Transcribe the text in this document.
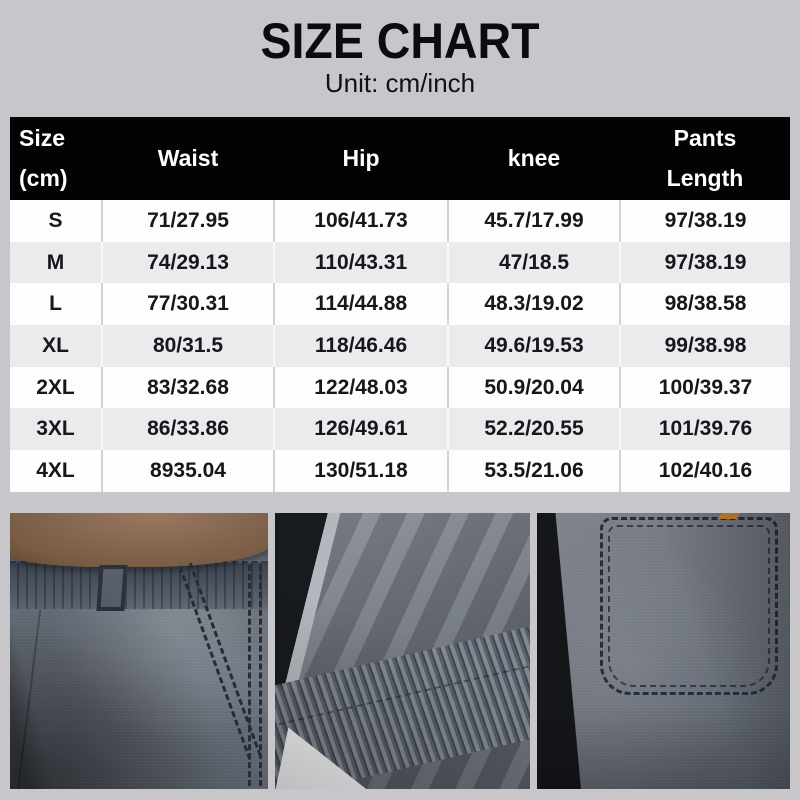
SIZE CHART

Unit: cm/inch

Size
(cm)	Waist	Hip	knee	Pants
Length

S	71/27.95	106/41.73	45.7/17.99	97/38.19
M	74/29.13	110/43.31	47/18.5	97/38.19
L	77/30.31	114/44.88	48.3/19.02	98/38.58
XL	80/31.5	118/46.46	49.6/19.53	99/38.98
2XL	83/32.68	122/48.03	50.9/20.04	100/39.37
3XL	86/33.86	126/49.61	52.2/20.55	101/39.76
4XL	8935.04	130/51.18	53.5/21.06	102/40.16
